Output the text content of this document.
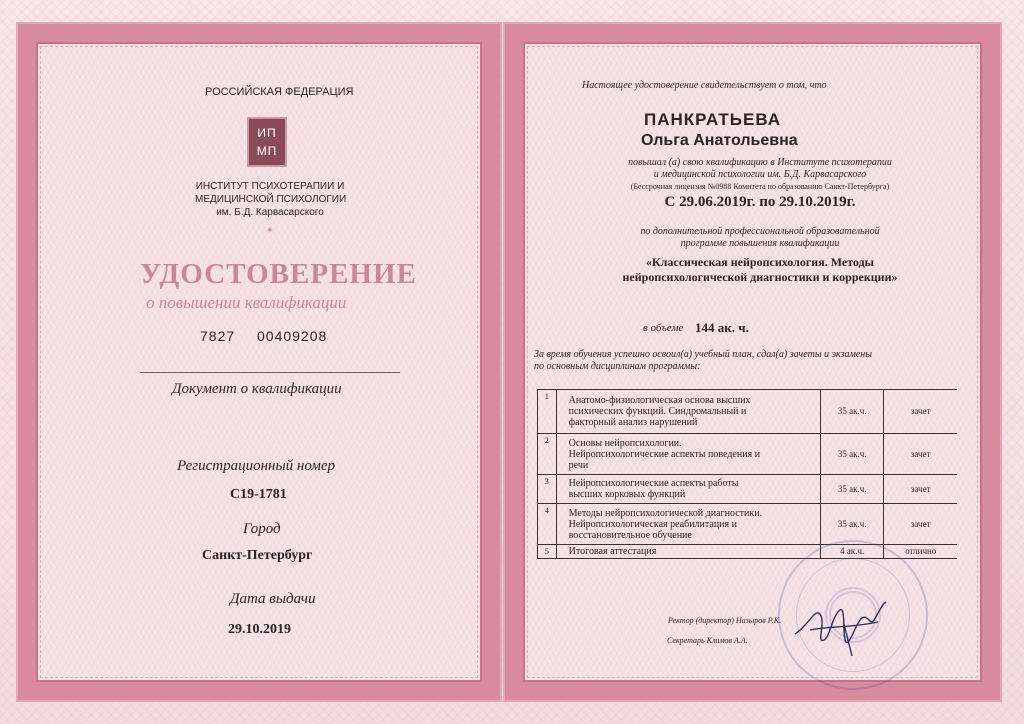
РОССИЙСКАЯ ФЕДЕРАЦИЯ
ИП
МП
ИНСТИТУТ ПСИХОТЕРАПИИ И
МЕДИЦИНСКОЙ ПСИХОЛОГИИ
им. Б.Д. Карвасарского
✦
УДОСТОВЕРЕНИЕ
о повышении квалификации
7827 00409208
Документ о квалификации
Регистрационный номер
С19-1781
Город
Санкт-Петербург
Дата выдачи
29.10.2019
Настоящее удостоверение свидетельствует о том, что
ПАНКРАТЬЕВА
Ольга Анатольевна
повышал (а) свою квалификацию в Институте психотерапии
и медицинской психологии им. Б.Д. Карвасарского
(Бессрочная лицензия №0988 Комитета по образованию Санкт-Петербурга)
С 29.06.2019г. по 29.10.2019г.
по дополнительной профессиональной образовательной
программе повышения квалификации
«Классическая нейропсихология. Методы
нейропсихологической диагностики и коррекции»
в объеме 144 ак. ч.
За время обучения успешно освоил(а) учебный план, сдал(а) зачеты и экзамены
по основным дисциплинам программы:
1	Анатомо-физиологическая основа высших
психических функций. Синдромальный и
факторный анализ нарушений	35 ак.ч.	зачет
2	Основы нейропсихологии.
Нейропсихологические аспекты поведения и
речи	35 ак.ч.	зачет
3	Нейропсихологические аспекты работы
высших корковых функций	35 ак.ч.	зачет
4	Методы нейропсихологической диагностики.
Нейропсихологическая реабилитация и
восстановительное обучение	35 ак.ч.	зачет
5	Итоговая аттестация	4 ак.ч.	отлично
Ректор (директор) Назыров Р.К.
Секретарь Климов А.А.
